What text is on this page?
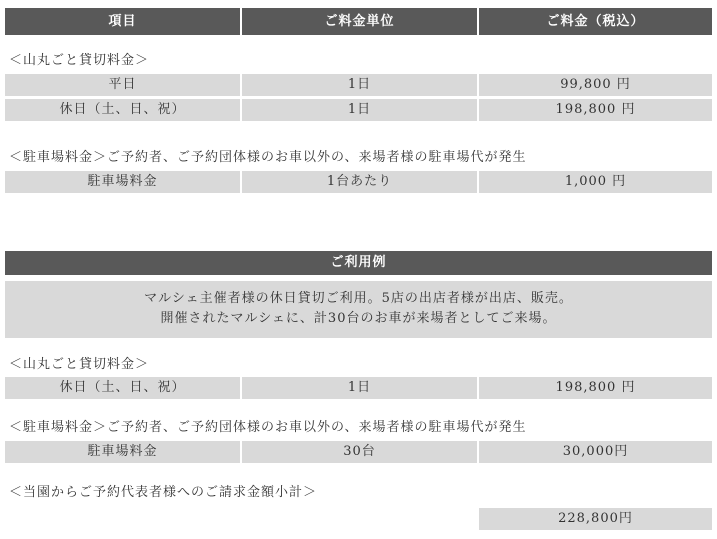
項目	ご料金単位	ご料金（税込）
＜山丸ごと貸切料金＞
平日	1日	99,800 円
休日（土、日、祝）	1日	198,800 円
＜駐車場料金＞ご予約者、ご予約団体様のお車以外の、来場者様の駐車場代が発生
駐車場料金	1台あたり	1,000 円
ご利用例
マルシェ主催者様の休日貸切ご利用。5店の出店者様が出店、販売。
開催されたマルシェに、計30台のお車が来場者としてご来場。
＜山丸ごと貸切料金＞
休日（土、日、祝）	1日	198,800 円
＜駐車場料金＞ご予約者、ご予約団体様のお車以外の、来場者様の駐車場代が発生
駐車場料金	30台	30,000円
＜当園からご予約代表者様へのご請求金額小計＞
228,800円
